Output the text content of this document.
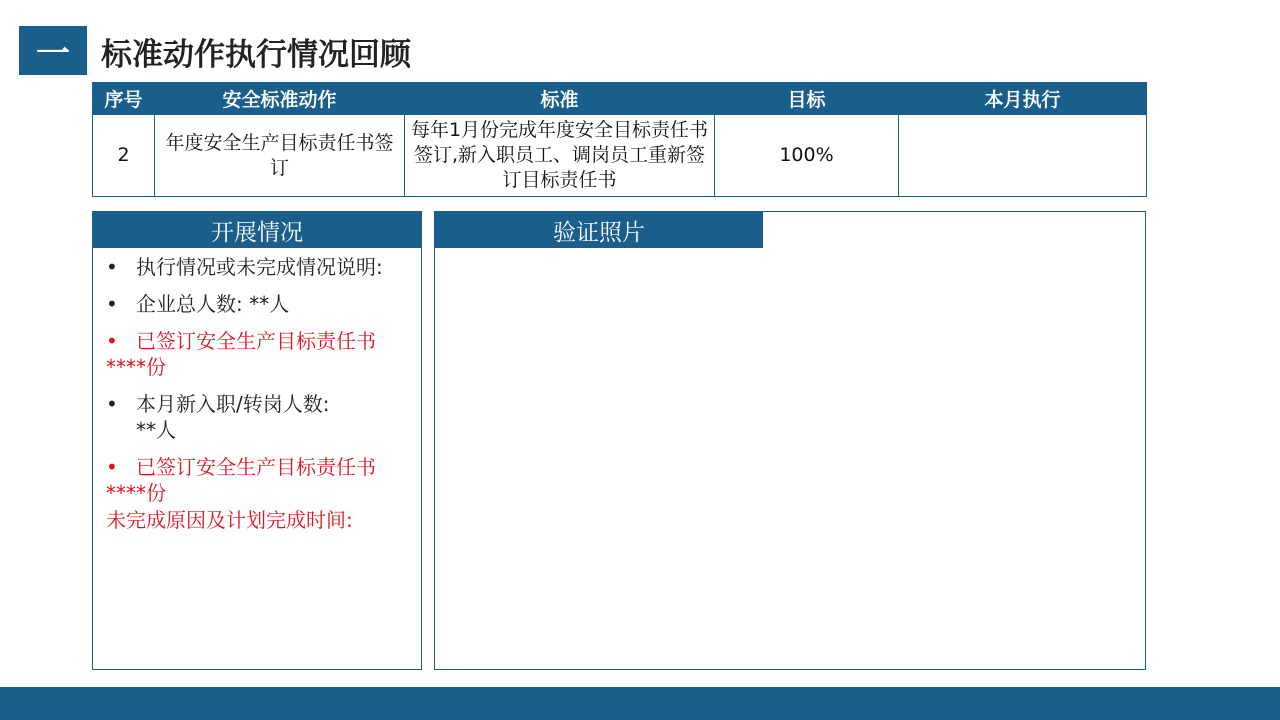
一	标准动作执行情况回顾
序号	安全标准动作	标准	目标	本月执行
2	年度安全生产目标责任书签订	每年1月份完成年度安全目标责任书签订,新入职员工、调岗员工重新签订目标责任书	100%	
开展情况
• 执行情况或未完成情况说明:
• 企业总人数: **人
• 已签订安全生产目标责任书
****份
• 本月新入职/转岗人数:
**人
• 已签订安全生产目标责任书
****份
未完成原因及计划完成时间:
验证照片
